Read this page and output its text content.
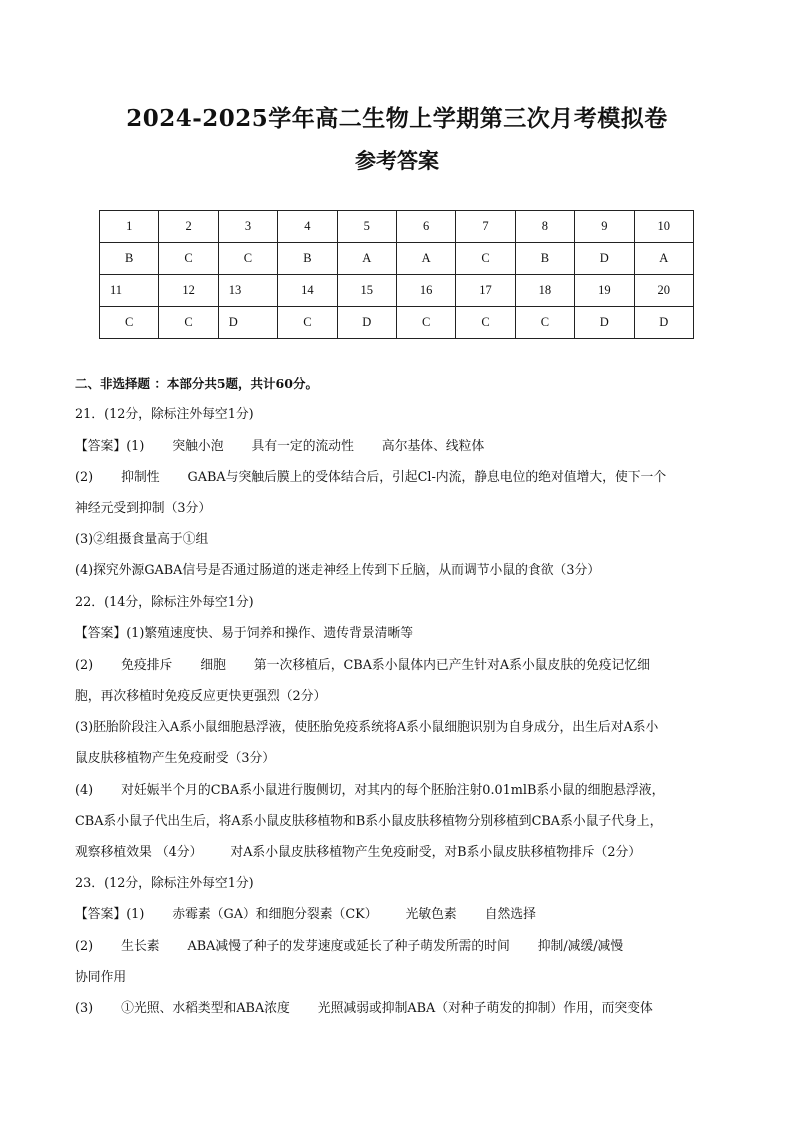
2024-2025学年高二生物上学期第三次月考模拟卷
参考答案
1	2	3	4	5	6	7	8	9	10
B	C	C	B	A	A	C	B	D	A
11	12	13	14	15	16	17	18	19	20
C	C	D	C	D	C	C	C	D	D
二、非选择题 ：本部分共5题，共计60分。
21．(12分，除标注外每空1分)
【答案】(1) 突触小泡 具有一定的流动性 高尔基体、线粒体
(2) 抑制性 GABA与突触后膜上的受体结合后，引起Cl-内流，静息电位的绝对值增大，使下一个
神经元受到抑制（3分）
(3)②组摄食量高于①组
(4)探究外源GABA信号是否通过肠道的迷走神经上传到下丘脑，从而调节小鼠的食欲（3分）
22．(14分，除标注外每空1分)
【答案】(1)繁殖速度快、易于饲养和操作、遗传背景清晰等
(2) 免疫排斥 细胞 第一次移植后，CBA系小鼠体内已产生针对A系小鼠皮肤的免疫记忆细
胞，再次移植时免疫反应更快更强烈（2分）
(3)胚胎阶段注入A系小鼠细胞悬浮液，使胚胎免疫系统将A系小鼠细胞识别为自身成分，出生后对A系小
鼠皮肤移植物产生免疫耐受（3分）
(4) 对妊娠半个月的CBA系小鼠进行腹侧切，对其内的每个胚胎注射0.01mlB系小鼠的细胞悬浮液，
CBA系小鼠子代出生后，将A系小鼠皮肤移植物和B系小鼠皮肤移植物分别移植到CBA系小鼠子代身上，
观察移植效果 （4分） 对A系小鼠皮肤移植物产生免疫耐受，对B系小鼠皮肤移植物排斥（2分）
23．(12分，除标注外每空1分)
【答案】(1) 赤霉素（GA）和细胞分裂素（CK） 光敏色素 自然选择
(2) 生长素 ABA减慢了种子的发芽速度或延长了种子萌发所需的时间 抑制/减缓/减慢
协同作用
(3) ①光照、水稻类型和ABA浓度 光照减弱或抑制ABA（对种子萌发的抑制）作用，而突变体
